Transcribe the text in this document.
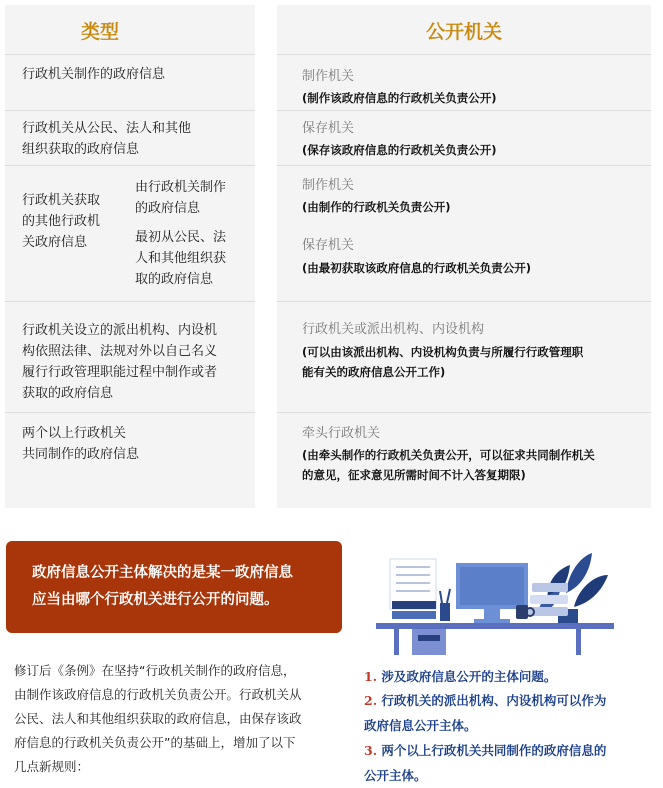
类型	公开机关
行政机关制作的政府信息	制作机关
(制作该政府信息的行政机关负责公开)
行政机关从公民、法人和其他
组织获取的政府信息
保存机关
(保存该政府信息的行政机关负责公开)
行政机关获取
的其他行政机
关政府信息
由行政机关制作
的政府信息
最初从公民、法
人和其他组织获
取的政府信息
制作机关
(由制作的行政机关负责公开)
保存机关
(由最初获取该政府信息的行政机关负责公开)
行政机关设立的派出机构、内设机
构依照法律、法规对外以自己名义
履行行政管理职能过程中制作或者
获取的政府信息
行政机关或派出机构、内设机构
(可以由该派出机构、内设机构负责与所履行行政管理职
能有关的政府信息公开工作)
两个以上行政机关
共同制作的政府信息
牵头行政机关
(由牵头制作的行政机关负责公开，可以征求共同制作机关
的意见，征求意见所需时间不计入答复期限)
政府信息公开主体解决的是某一政府信息
应当由哪个行政机关进行公开的问题。
修订后《条例》在坚持“行政机关制作的政府信息，
由制作该政府信息的行政机关负责公开。行政机关从
公民、法人和其他组织获取的政府信息，由保存该政
府信息的行政机关负责公开”的基础上，增加了以下
几点新规则：
1. 涉及政府信息公开的主体问题。
2. 行政机关的派出机构、内设机构可以作为
政府信息公开主体。
3. 两个以上行政机关共同制作的政府信息的
公开主体。
